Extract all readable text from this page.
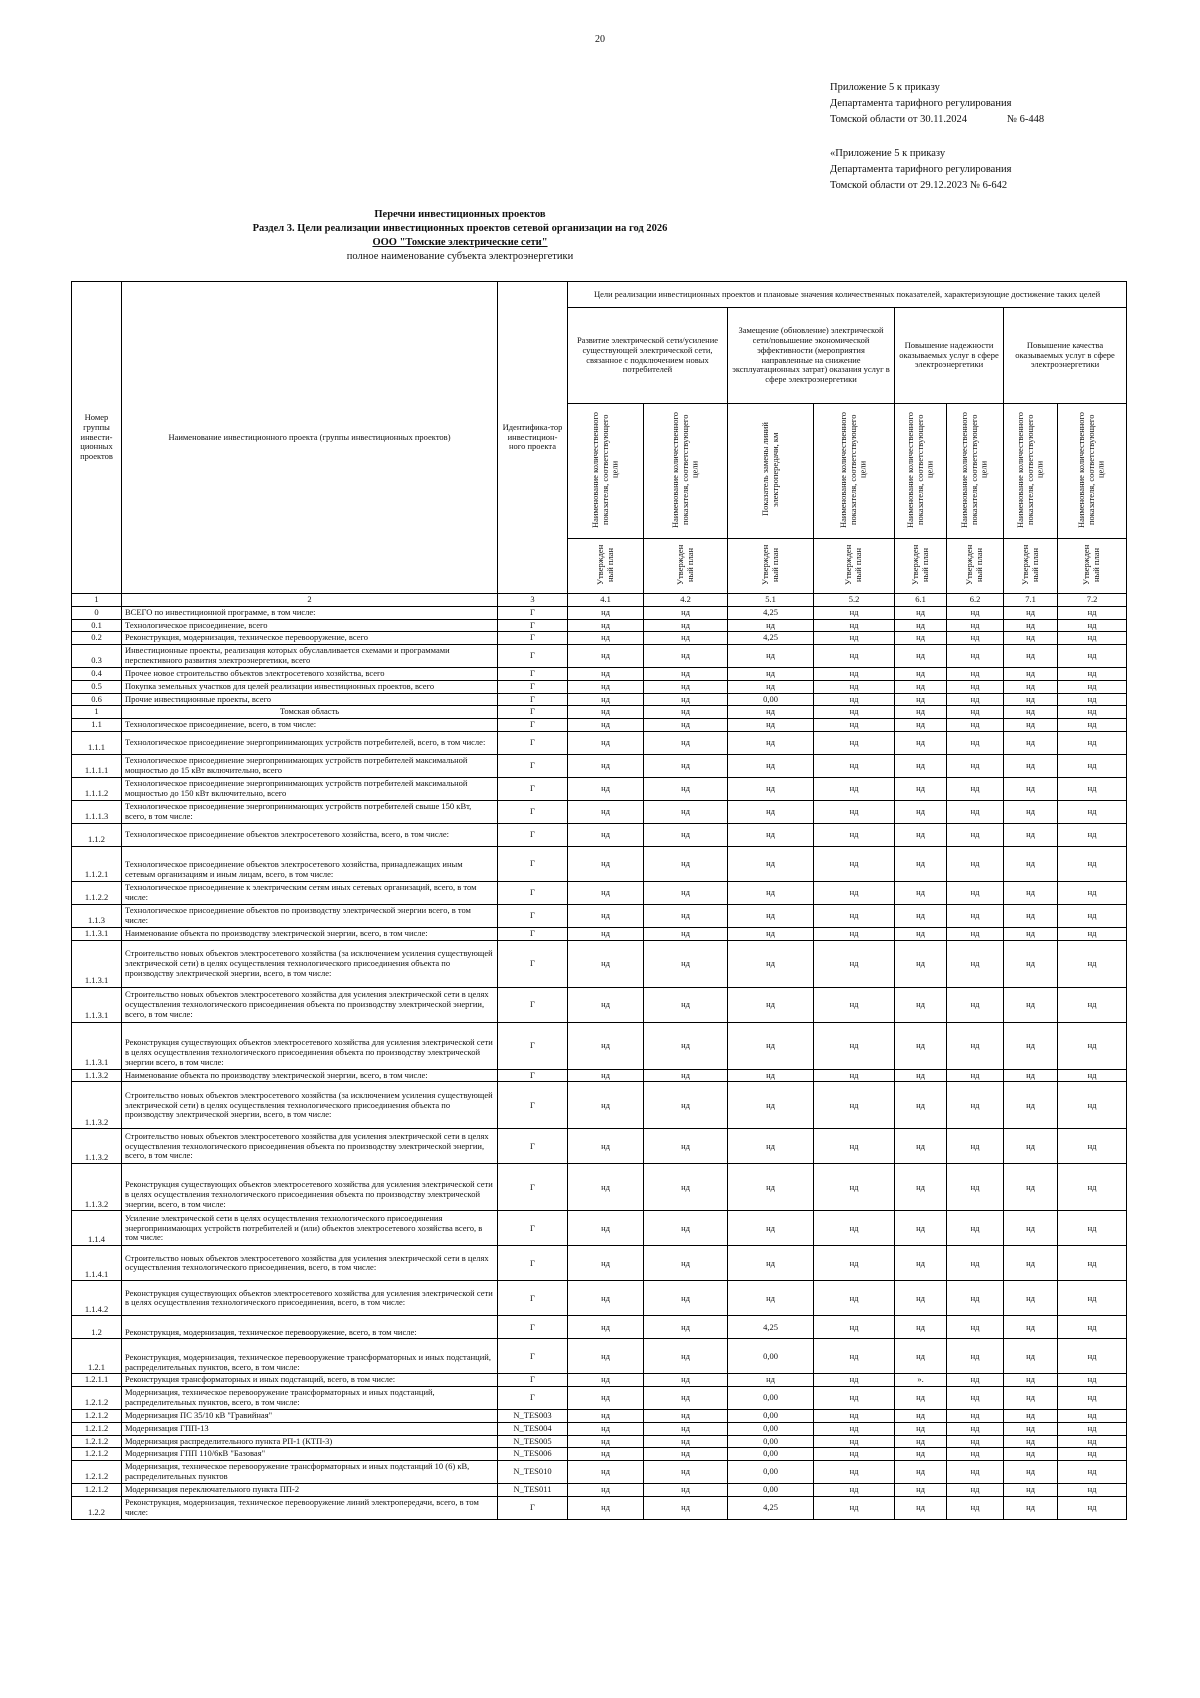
20
Приложение 5 к приказу
Департамента тарифного регулирования
Томской области от 30.11.2024	№ 6-448
«Приложение 5 к приказу
Департамента тарифного регулирования
Томской области от 29.12.2023 № 6-642
Перечни инвестиционных проектов
Раздел 3. Цели реализации инвестиционных проектов сетевой организации на год 2026
ООО "Томские электрические сети"
полное наименование субъекта электроэнергетики
Номер группы инвести-ционных проектов	Наименование инвестиционного проекта (группы инвестиционных проектов)	Идентифика-тор инвестицион-ного проекта	Цели реализации инвестиционных проектов и плановые значения количественных показателей, характеризующие достижение таких целей							
			Развитие электрической сети/усиление существующей электрической сети, связанное с подключением новых потребителей		Замещение (обновление) электрической сети/повышение экономической эффективности (мероприятия направленные на снижение эксплуатационных затрат) оказания услуг в сфере электроэнергетики		Повышение надежности оказываемых услуг в сфере электроэнергетики		Повышение качества оказываемых услуг в сфере электроэнергетики	
			Наименование количественного показателя, соответствующего цели	Наименование количественного показателя, соответствующего цели	Показатель замены линий электропередачи, км	Наименование количественного показателя, соответствующего цели	Наименование количественного показателя, соответствующего цели	Наименование количественного показателя, соответствующего цели	Наименование количественного показателя, соответствующего цели	Наименование количественного показателя, соответствующего цели
			Утвержден ный план	Утвержден ный план	Утвержден ный план	Утвержден ный план	Утвержден ный план	Утвержден ный план	Утвержден ный план	Утвержден ный план
1	2	3	4.1	4.2	5.1	5.2	6.1	6.2	7.1	7.2
0	ВСЕГО по инвестиционной программе, в том числе:	Г	нд	нд	4,25	нд	нд	нд	нд	нд
0.1	Технологическое присоединение, всего	Г	нд	нд	нд	нд	нд	нд	нд	нд
0.2	Реконструкция, модернизация, техническое перевооружение, всего	Г	нд	нд	4,25	нд	нд	нд	нд	нд
0.3	Инвестиционные проекты, реализация которых обуславливается схемами и программами перспективного развития электроэнергетики, всего	Г	нд	нд	нд	нд	нд	нд	нд	нд
0.4	Прочее новое строительство объектов электросетевого хозяйства, всего	Г	нд	нд	нд	нд	нд	нд	нд	нд
0.5	Покупка земельных участков для целей реализации инвестиционных проектов, всего	Г	нд	нд	нд	нд	нд	нд	нд	нд
0.6	Прочие инвестиционные проекты, всего	Г	нд	нд	0,00	нд	нд	нд	нд	нд
1	Томская область	Г	нд	нд	нд	нд	нд	нд	нд	нд
1.1	Технологическое присоединение, всего, в том числе:	Г	нд	нд	нд	нд	нд	нд	нд	нд
1.1.1	Технологическое присоединение энергопринимающих устройств потребителей, всего, в том числе:	Г	нд	нд	нд	нд	нд	нд	нд	нд
1.1.1.1	Технологическое присоединение энергопринимающих устройств потребителей максимальной мощностью до 15 кВт включительно, всего	Г	нд	нд	нд	нд	нд	нд	нд	нд
1.1.1.2	Технологическое присоединение энергопринимающих устройств потребителей максимальной мощностью до 150 кВт включительно, всего	Г	нд	нд	нд	нд	нд	нд	нд	нд
1.1.1.3	Технологическое присоединение энергопринимающих устройств потребителей свыше 150 кВт, всего, в том числе:	Г	нд	нд	нд	нд	нд	нд	нд	нд
1.1.2	Технологическое присоединение объектов электросетевого хозяйства, всего, в том числе:	Г	нд	нд	нд	нд	нд	нд	нд	нд
1.1.2.1	Технологическое присоединение объектов электросетевого хозяйства, принадлежащих иным сетевым организациям и иным лицам, всего, в том числе:	Г	нд	нд	нд	нд	нд	нд	нд	нд
1.1.2.2	Технологическое присоединение к электрическим сетям иных сетевых организаций, всего, в том числе:	Г	нд	нд	нд	нд	нд	нд	нд	нд
1.1.3	Технологическое присоединение объектов по производству электрической энергии всего, в том числе:	Г	нд	нд	нд	нд	нд	нд	нд	нд
1.1.3.1	Наименование объекта по производству электрической энергии, всего, в том числе:	Г	нд	нд	нд	нд	нд	нд	нд	нд
1.1.3.1	Строительство новых объектов электросетевого хозяйства (за исключением усиления существующей электрической сети) в целях осуществления технологического присоединения объекта по производству электрической энергии, всего, в том числе:	Г	нд	нд	нд	нд	нд	нд	нд	нд
1.1.3.1	Строительство новых объектов электросетевого хозяйства для усиления электрической сети в целях осуществления технологического присоединения объекта по производству электрической энергии, всего, в том числе:	Г	нд	нд	нд	нд	нд	нд	нд	нд
1.1.3.1	Реконструкция существующих объектов электросетевого хозяйства для усиления электрической сети в целях осуществления технологического присоединения объекта по производству электрической энергии всего, в том числе:	Г	нд	нд	нд	нд	нд	нд	нд	нд
1.1.3.2	Наименование объекта по производству электрической энергии, всего, в том числе:	Г	нд	нд	нд	нд	нд	нд	нд	нд
1.1.3.2	Строительство новых объектов электросетевого хозяйства (за исключением усиления существующей электрической сети) в целях осуществления технологического присоединения объекта по производству электрической энергии, всего, в том числе:	Г	нд	нд	нд	нд	нд	нд	нд	нд
1.1.3.2	Строительство новых объектов электросетевого хозяйства для усиления электрической сети в целях осуществления технологического присоединения объекта по производству электрической энергии, всего, в том числе:	Г	нд	нд	нд	нд	нд	нд	нд	нд
1.1.3.2	Реконструкция существующих объектов электросетевого хозяйства для усиления электрической сети в целях осуществления технологического присоединения объекта по производству электрической энергии, всего, в том числе:	Г	нд	нд	нд	нд	нд	нд	нд	нд
1.1.4	Усиление электрической сети в целях осуществления технологического присоединения энергопринимающих устройств потребителей и (или) объектов электросетевого хозяйства всего, в том числе:	Г	нд	нд	нд	нд	нд	нд	нд	нд
1.1.4.1	Строительство новых объектов электросетевого хозяйства для усиления электрической сети в целях осуществления технологического присоединения, всего, в том числе:	Г	нд	нд	нд	нд	нд	нд	нд	нд
1.1.4.2	Реконструкция существующих объектов электросетевого хозяйства для усиления электрической сети в целях осуществления технологического присоединения, всего, в том числе:	Г	нд	нд	нд	нд	нд	нд	нд	нд
1.2	Реконструкция, модернизация, техническое перевооружение, всего, в том числе:	Г	нд	нд	4,25	нд	нд	нд	нд	нд
1.2.1	Реконструкция, модернизация, техническое перевооружение трансформаторных и иных подстанций, распределительных пунктов, всего, в том числе:	Г	нд	нд	0,00	нд	нд	нд	нд	нд
1.2.1.1	Реконструкция трансформаторных и иных подстанций, всего, в том числе:	Г	нд	нд	нд	нд	».	нд	нд	нд
1.2.1.2	Модернизация, техническое перевооружение трансформаторных и иных подстанций, распределительных пунктов, всего, в том числе:	Г	нд	нд	0,00	нд	нд	нд	нд	нд
1.2.1.2	Модернизация ПС 35/10 кВ "Гравийная"	N_TES003	нд	нд	0,00	нд	нд	нд	нд	нд
1.2.1.2	Модернизация ГПП-13	N_TES004	нд	нд	0,00	нд	нд	нд	нд	нд
1.2.1.2	Модернизация распределительного пункта РП-1 (КТП-3)	N_TES005	нд	нд	0,00	нд	нд	нд	нд	нд
1.2.1.2	Модернизация ГПП 110/6кВ "Базовая"	N_TES006	нд	нд	0,00	нд	нд	нд	нд	нд
1.2.1.2	Модернизация, техническое перевооружение трансформаторных и иных подстанций 10 (6) кВ, распределительных пунктов	N_TES010	нд	нд	0,00	нд	нд	нд	нд	нд
1.2.1.2	Модернизация переключательного пункта ПП-2	N_TES011	нд	нд	0,00	нд	нд	нд	нд	нд
1.2.2	Реконструкция, модернизация, техническое перевооружение линий электропередачи, всего, в том числе:	Г	нд	нд	4,25	нд	нд	нд	нд	нд
